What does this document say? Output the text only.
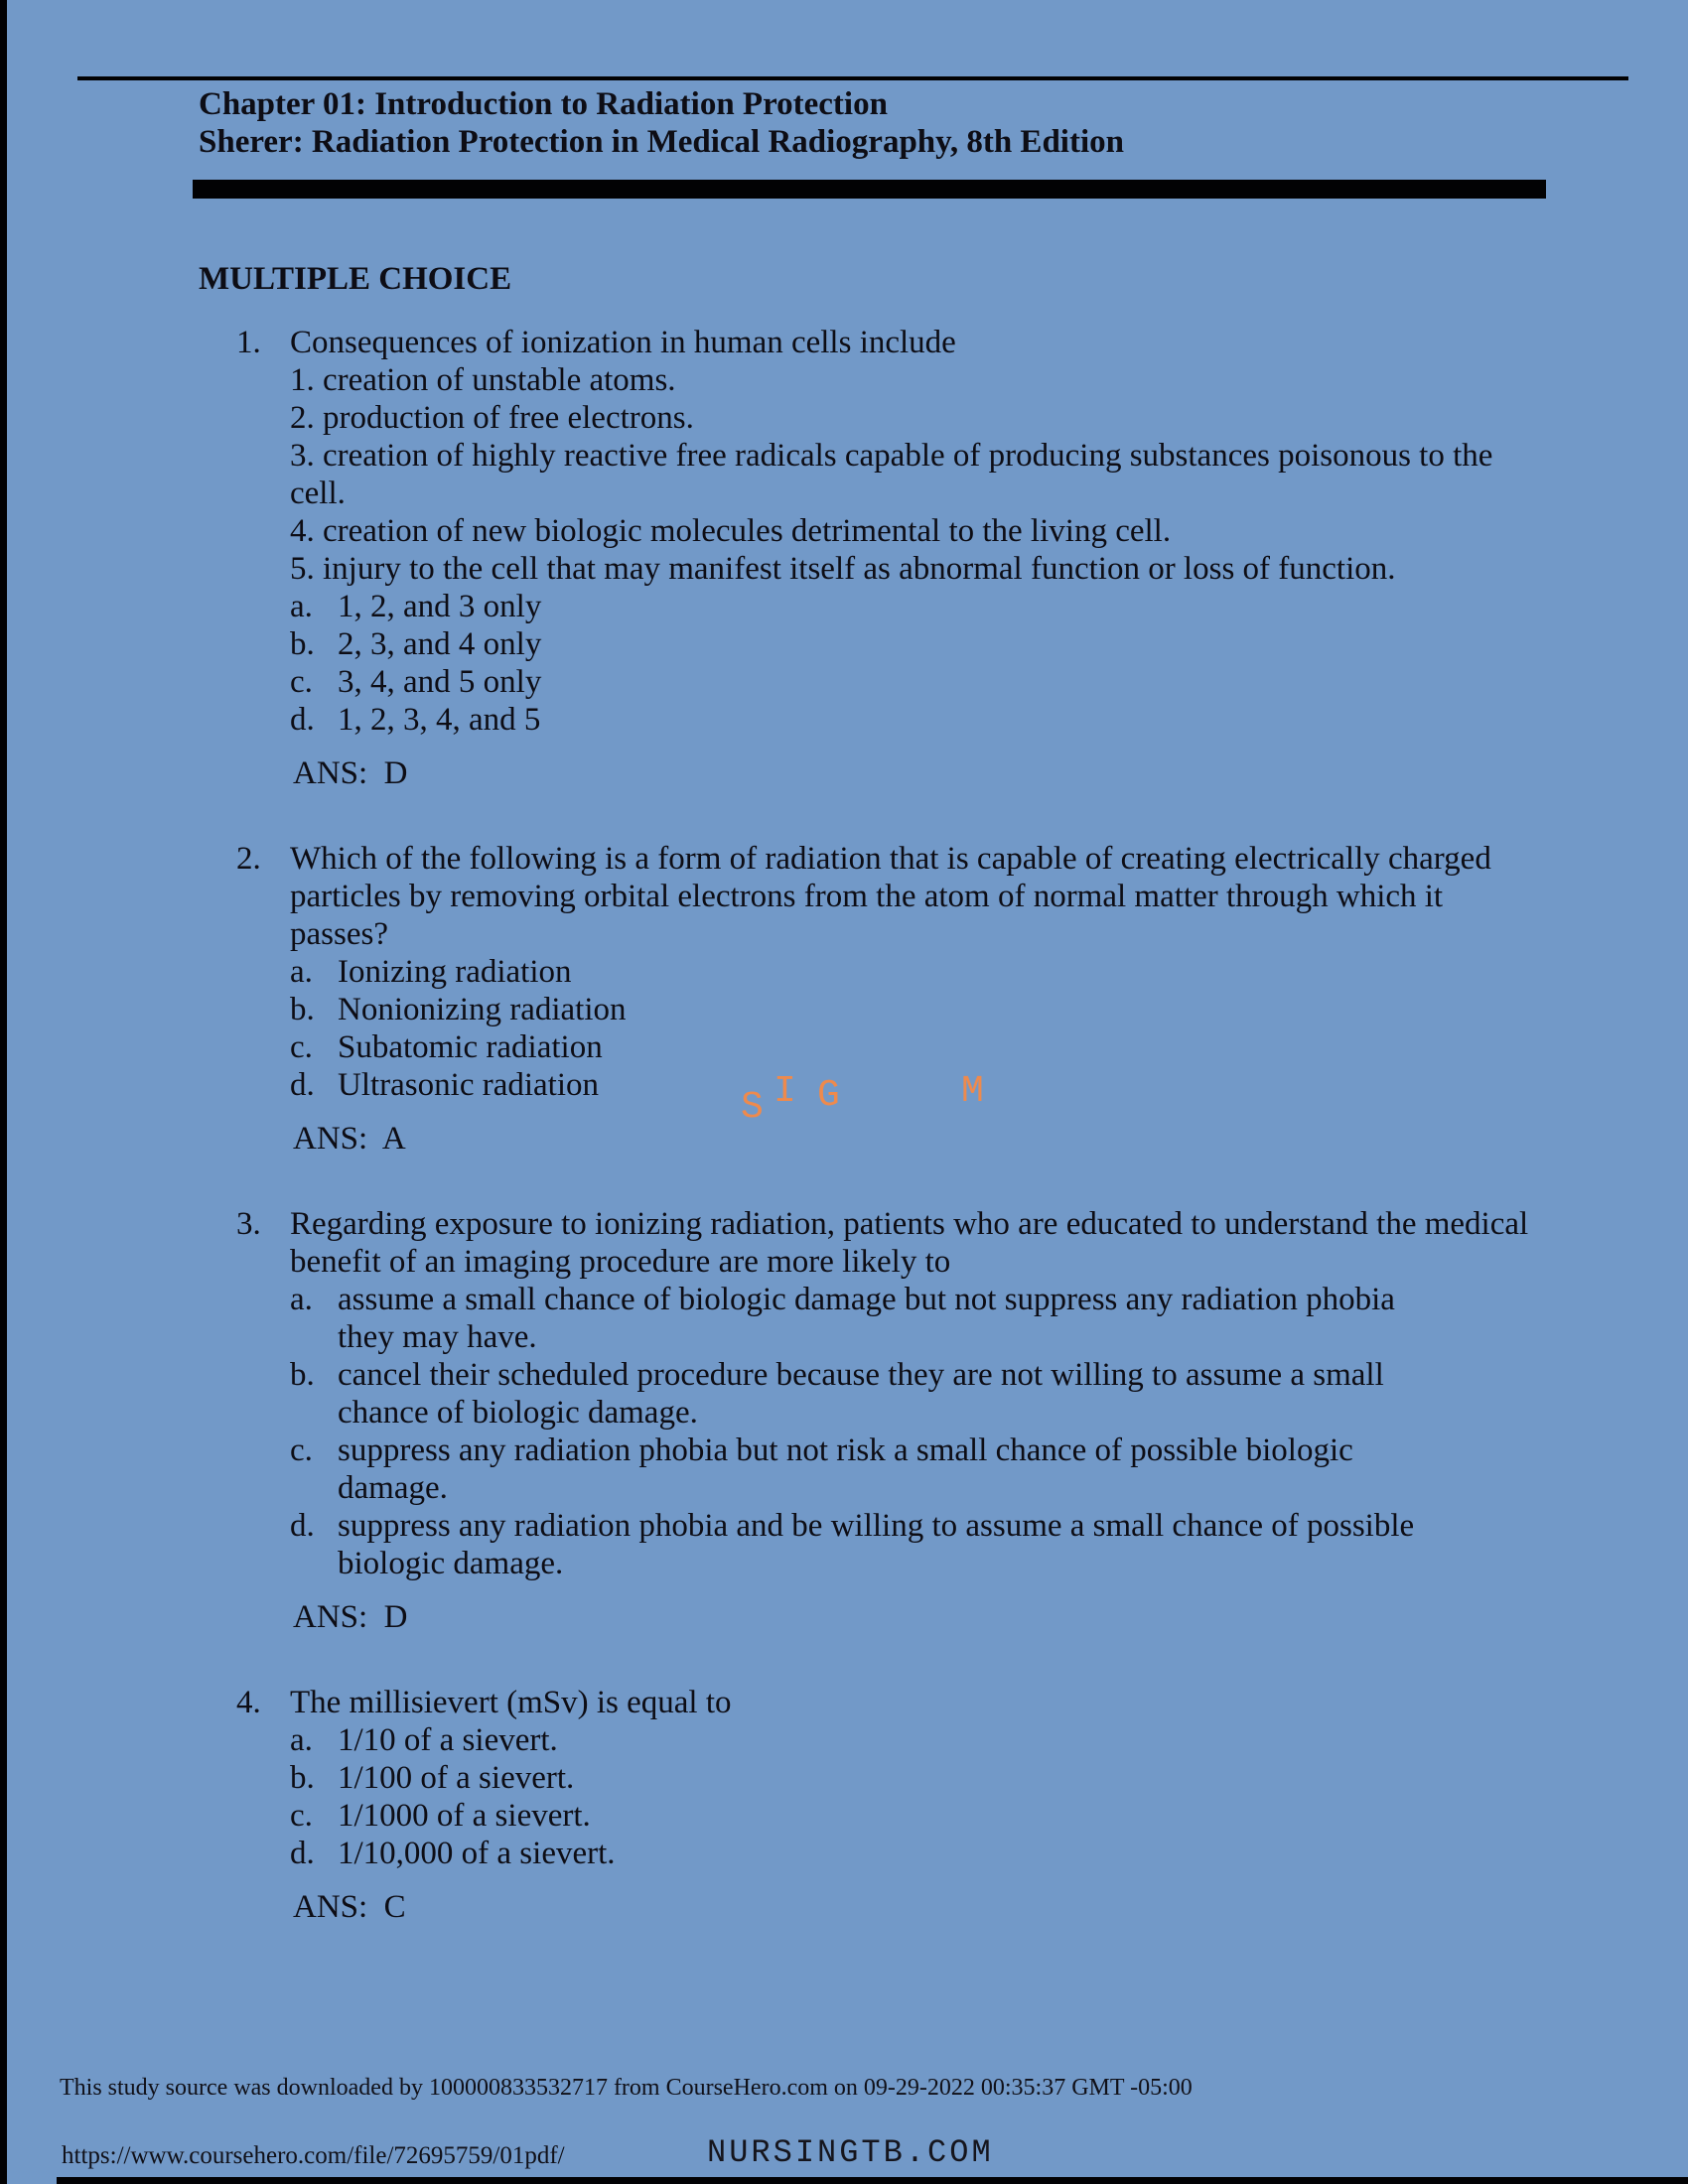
Chapter 01: Introduction to Radiation Protection
Sherer: Radiation Protection in Medical Radiography, 8th Edition
MULTIPLE CHOICE
1. Consequences of ionization in human cells include
1. creation of unstable atoms.
2. production of free electrons.
3. creation of highly reactive free radicals capable of producing substances poisonous to the
cell.
4. creation of new biologic molecules detrimental to the living cell.
5. injury to the cell that may manifest itself as abnormal function or loss of function.
a. 1, 2, and 3 only
b. 2, 3, and 4 only
c. 3, 4, and 5 only
d. 1, 2, 3, 4, and 5
ANS:  D
2. Which of the following is a form of radiation that is capable of creating electrically charged
particles by removing orbital electrons from the atom of normal matter through which it
passes?
a. Ionizing radiation
b. Nonionizing radiation
c. Subatomic radiation
d. Ultrasonic radiation
ANS:  A
3. Regarding exposure to ionizing radiation, patients who are educated to understand the medical
benefit of an imaging procedure are more likely to
a. assume a small chance of biologic damage but not suppress any radiation phobia
they may have.
b. cancel their scheduled procedure because they are not willing to assume a small
chance of biologic damage.
c. suppress any radiation phobia but not risk a small chance of possible biologic
damage.
d. suppress any radiation phobia and be willing to assume a small chance of possible
biologic damage.
ANS:  D
4. The millisievert (mSv) is equal to
a. 1/10 of a sievert.
b. 1/100 of a sievert.
c. 1/1000 of a sievert.
d. 1/10,000 of a sievert.
ANS:  C
S I G	M
This study source was downloaded by 100000833532717 from CourseHero.com on 09-29-2022 00:35:37 GMT -05:00
https://www.coursehero.com/file/72695759/01pdf/	NURSINGTB.COM
